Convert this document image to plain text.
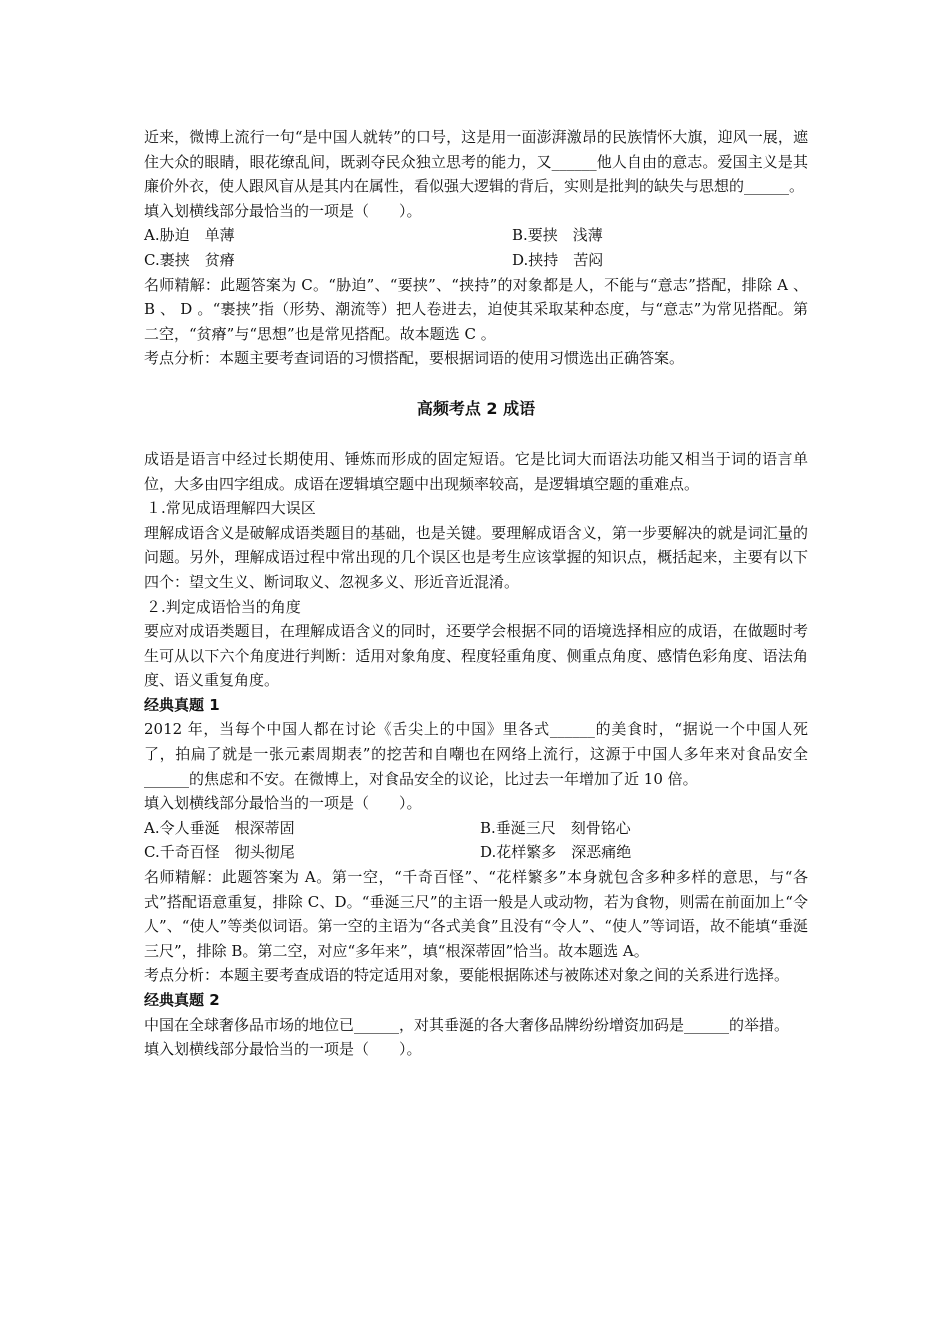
近来，微博上流行一句“是中国人就转”的口号，这是用一面澎湃激昂的民族情怀大旗，迎风一展，遮住大众的眼睛，眼花缭乱间，既剥夺民众独立思考的能力，又______他人自由的意志。爱国主义是其廉价外衣，使人跟风盲从是其内在属性，看似强大逻辑的背后，实则是批判的缺失与思想的______。

填入划横线部分最恰当的一项是（　　）。

A.胁迫　单薄	B.要挟　浅薄
C.裹挟　贫瘠	D.挟持　苦闷

名师精解：此题答案为 C。“胁迫”、“要挟”、“挟持”的对象都是人，不能与“意志”搭配，排除 A 、 B 、 D 。“裹挟”指（形势、潮流等）把人卷进去，迫使其采取某种态度，与“意志”为常见搭配。第二空，“贫瘠”与“思想”也是常见搭配。故本题选 C 。

考点分析：本题主要考查词语的习惯搭配，要根据词语的使用习惯选出正确答案。

高频考点 2 成语

成语是语言中经过长期使用、锤炼而形成的固定短语。它是比词大而语法功能又相当于词的语言单位，大多由四字组成。成语在逻辑填空题中出现频率较高，是逻辑填空题的重难点。

１.常见成语理解四大误区

理解成语含义是破解成语类题目的基础，也是关键。要理解成语含义，第一步要解决的就是词汇量的问题。另外，理解成语过程中常出现的几个误区也是考生应该掌握的知识点，概括起来，主要有以下四个：望文生义、断词取义、忽视多义、形近音近混淆。

２.判定成语恰当的角度

要应对成语类题目，在理解成语含义的同时，还要学会根据不同的语境选择相应的成语，在做题时考生可从以下六个角度进行判断：适用对象角度、程度轻重角度、侧重点角度、感情色彩角度、语法角度、语义重复角度。

经典真题 1

2012 年，当每个中国人都在讨论《舌尖上的中国》里各式______的美食时，“据说一个中国人死了，拍扁了就是一张元素周期表”的挖苦和自嘲也在网络上流行，这源于中国人多年来对食品安全______的焦虑和不安。在微博上，对食品安全的议论，比过去一年增加了近 10 倍。

填入划横线部分最恰当的一项是（　　）。

A.令人垂涎　根深蒂固	B.垂涎三尺　刻骨铭心
C.千奇百怪　彻头彻尾	D.花样繁多　深恶痛绝

名师精解：此题答案为 A。第一空，“千奇百怪”、“花样繁多”本身就包含多种多样的意思，与“各式”搭配语意重复，排除 C、D。“垂涎三尺”的主语一般是人或动物，若为食物，则需在前面加上“令人”、“使人”等类似词语。第一空的主语为“各式美食”且没有“令人”、“使人”等词语，故不能填“垂涎三尺”，排除 B。第二空，对应“多年来”，填“根深蒂固”恰当。故本题选 A。

考点分析：本题主要考查成语的特定适用对象，要能根据陈述与被陈述对象之间的关系进行选择。

经典真题 2

中国在全球奢侈品市场的地位已______，对其垂涎的各大奢侈品牌纷纷增资加码是______的举措。

填入划横线部分最恰当的一项是（　　）。
